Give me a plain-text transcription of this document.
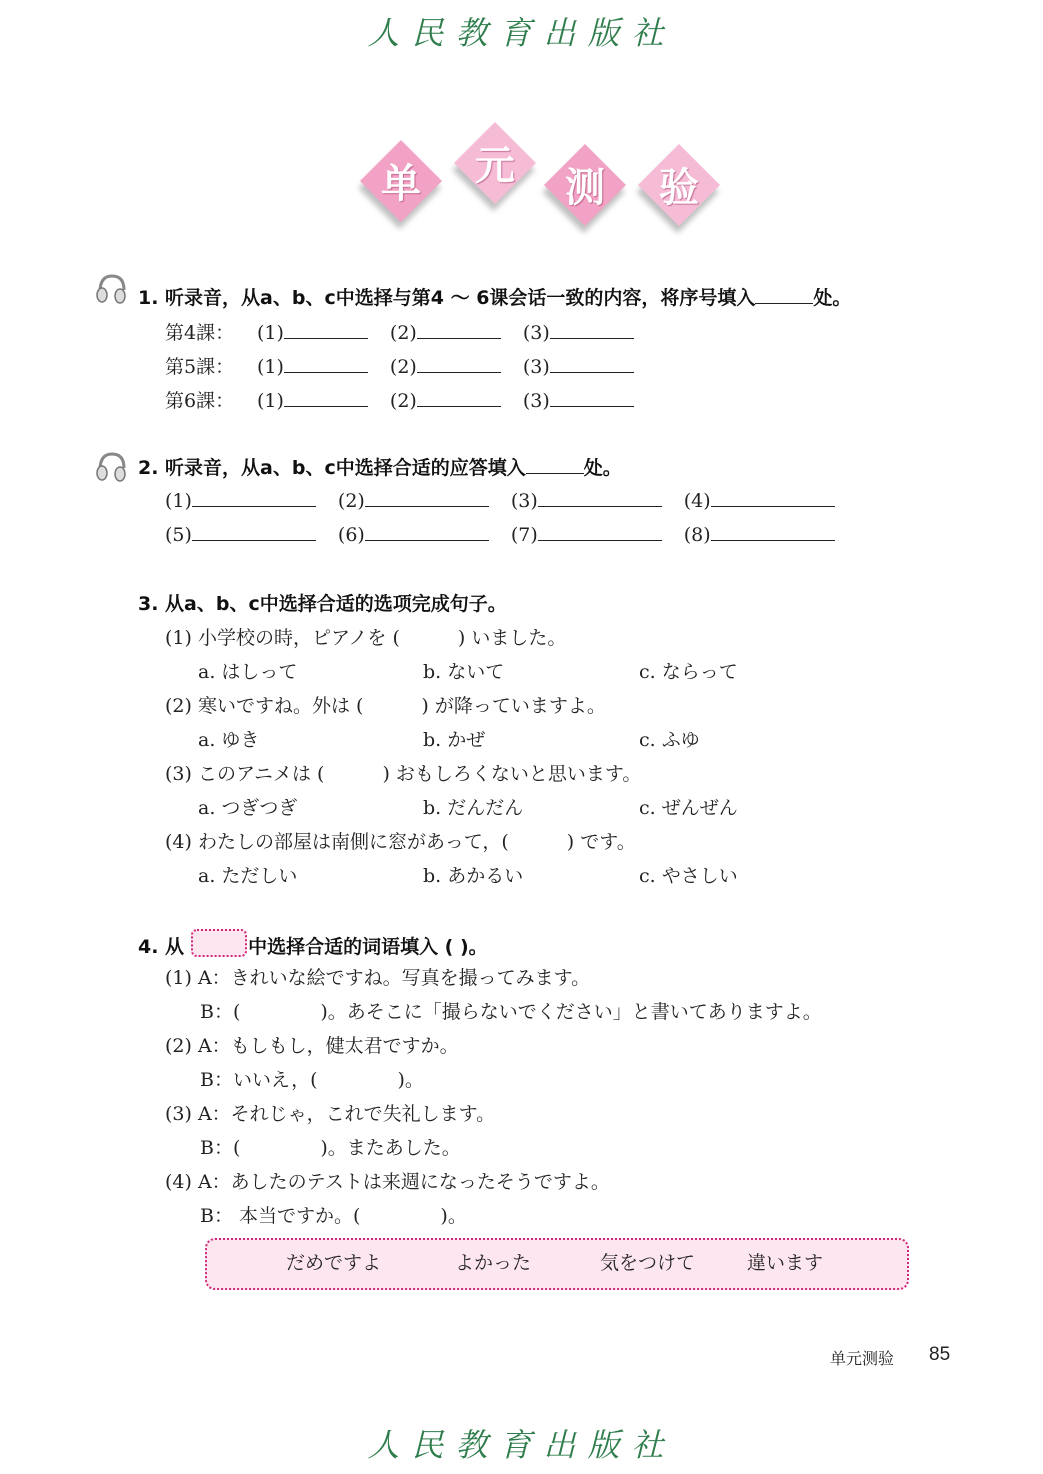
人民教育出版社
单	元	测	验
1. 听录音，从a、b、c中选择与第4 ～ 6课会话一致的内容，将序号填入	处。
第4課： (1)	(2)	(3)
第5課： (1)	(2)	(3)
第6課： (1)	(2)	(3)
2. 听录音，从a、b、c中选择合适的应答填入	处。
(1)	(2)	(3)	(4)
(5)	(6)	(7)	(8)
3. 从a、b、c中选择合适的选项完成句子。
(1) 小学校の時，ピアノを (	) いました。
a. はしって	b. ないて	c. ならって
(2) 寒いですね。外は (	) が降っていますよ。
a. ゆき	b. かぜ	c. ふゆ
(3) このアニメは (	) おもしろくないと思います。
a. つぎつぎ	b. だんだん	c. ぜんぜん
(4) わたしの部屋は南側に窓があって，(	) です。
a. ただしい	b. あかるい	c. やさしい
4. 从	中选择合适的词语填入 ( )。
(1) A：きれいな絵ですね。写真を撮ってみます。
B：(	)。あそこに「撮らないでください」と書いてありますよ。
(2) A：もしもし，健太君ですか。
B：いいえ，(	)。
(3) A：それじゃ，これで失礼します。
B：(	)。またあした。
(4) A：あしたのテストは来週になったそうですよ。
B： 本当ですか。(	)。
だめですよ	よかった	気をつけて	違います
单元测验 85
人民教育出版社
